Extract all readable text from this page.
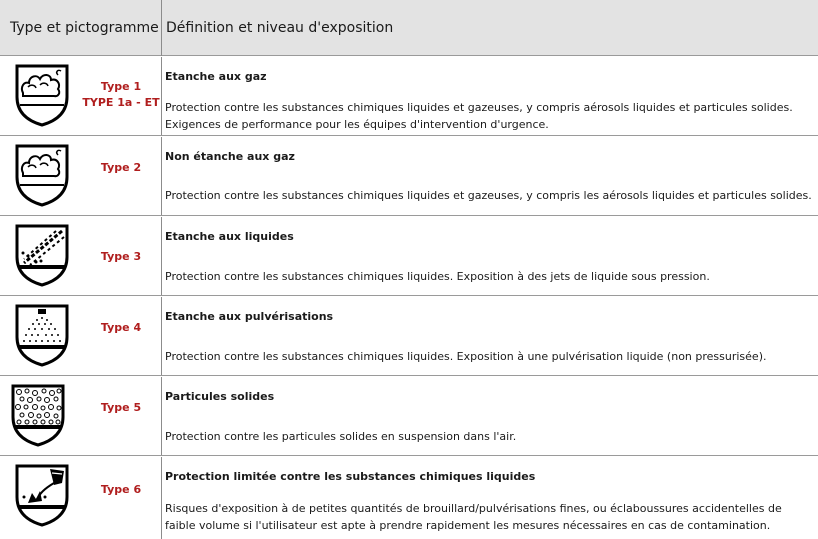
Type et pictogramme Définition et niveau d'exposition
Type 1
TYPE 1a - ET
Etanche aux gaz
Protection contre les substances chimiques liquides et gazeuses, y compris aérosols liquides et particules solides.
Exigences de performance pour les équipes d'intervention d'urgence.
Type 2
Non étanche aux gaz
Protection contre les substances chimiques liquides et gazeuses, y compris les aérosols liquides et particules solides.
Type 3
Etanche aux liquides
Protection contre les substances chimiques liquides. Exposition à des jets de liquide sous pression.
Type 4
Etanche aux pulvérisations
Protection contre les substances chimiques liquides. Exposition à une pulvérisation liquide (non pressurisée).
Type 5
Particules solides
Protection contre les particules solides en suspension dans l'air.
Type 6
Protection limitée contre les substances chimiques liquides
Risques d'exposition à de petites quantités de brouillard/pulvérisations fines, ou éclaboussures accidentelles de
faible volume si l'utilisateur est apte à prendre rapidement les mesures nécessaires en cas de contamination.
